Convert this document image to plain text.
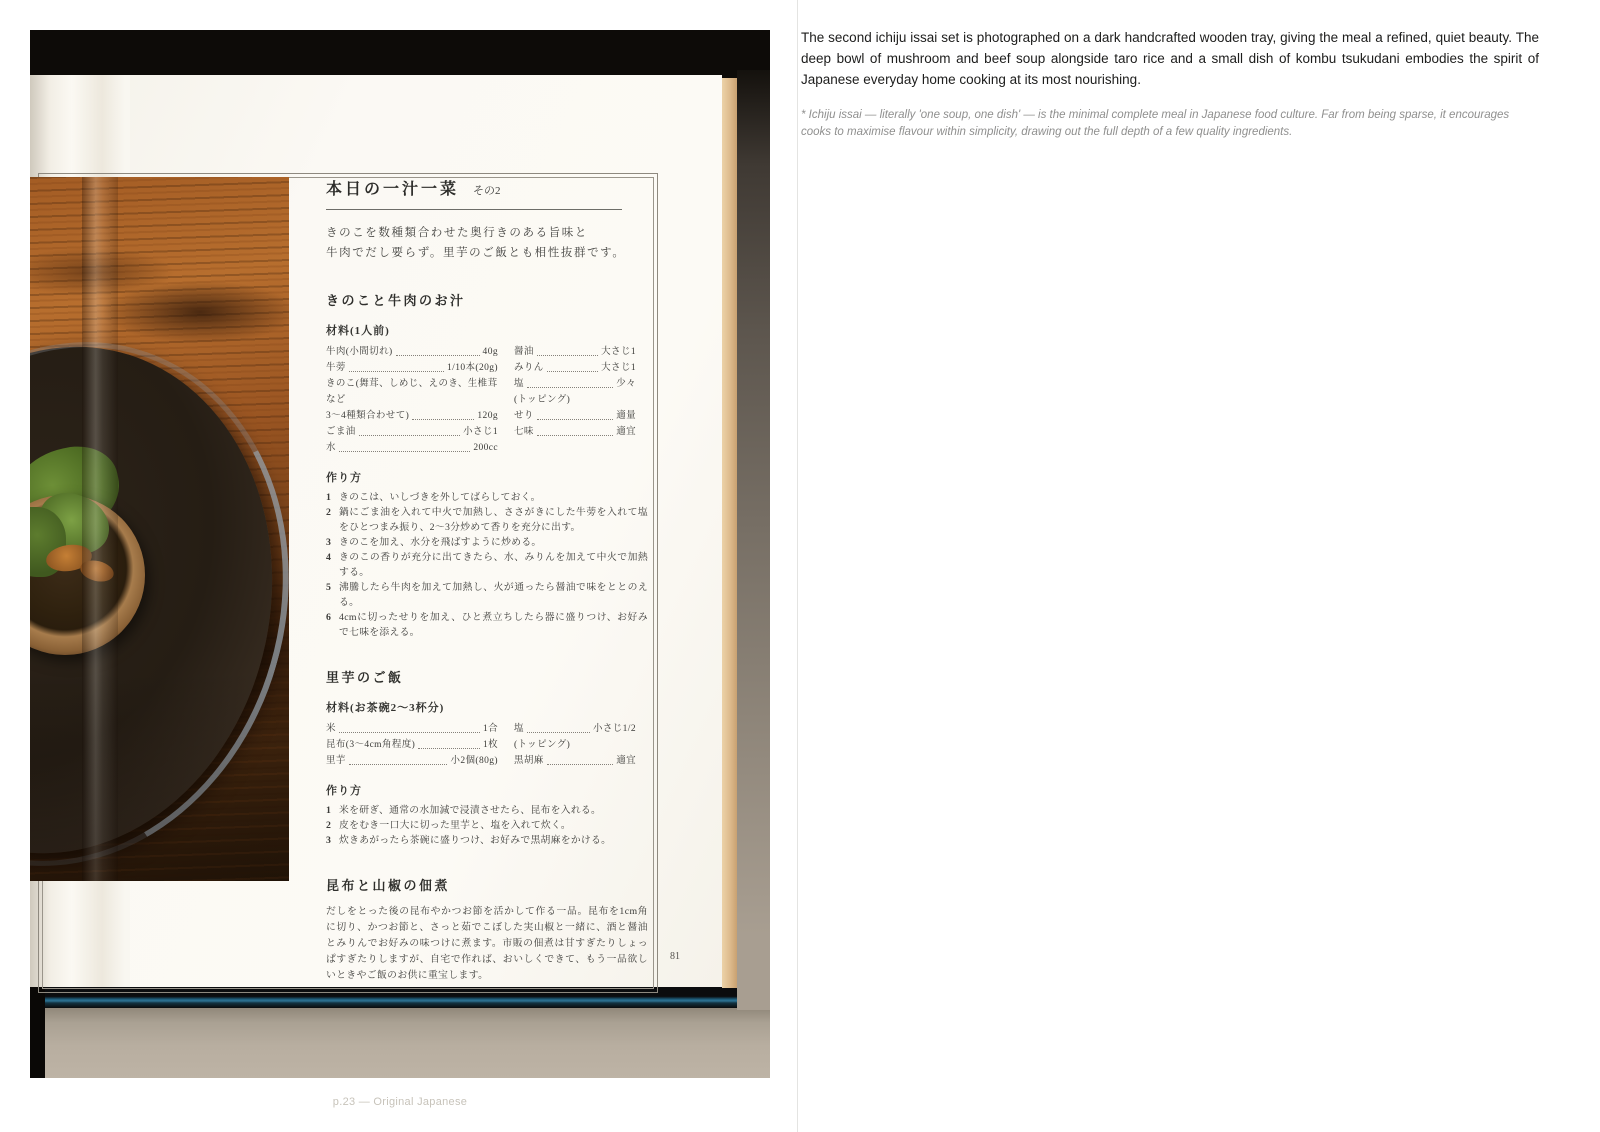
本日の一汁一菜 その2
きのこを数種類合わせた奥行きのある旨味と
牛肉でだし要らず。里芋のご飯とも相性抜群です。
きのこと牛肉のお汁
材料(1人前)
牛肉(小間切れ)	40g
牛蒡	1/10本(20g)
きのこ(舞茸、しめじ、えのき、生椎茸など
3〜4種類合わせて)	120g
ごま油	小さじ1
水	200cc
醤油	大さじ1
みりん	大さじ1
塩	少々
(トッピング)
せり	適量
七味	適宜
作り方
1 きのこは、いしづきを外してばらしておく。
2 鍋にごま油を入れて中火で加熱し、ささがきにした牛蒡を入れて塩をひとつまみ振り、2〜3分炒めて香りを充分に出す。
3 きのこを加え、水分を飛ばすように炒める。
4 きのこの香りが充分に出てきたら、水、みりんを加えて中火で加熱する。
5 沸騰したら牛肉を加えて加熱し、火が通ったら醤油で味をととのえる。
6 4cmに切ったせりを加え、ひと煮立ちしたら器に盛りつけ、お好みで七味を添える。
里芋のご飯
材料(お茶碗2〜3杯分)
米	1合
昆布(3〜4cm角程度)	1枚
里芋	小2個(80g)
塩	小さじ1/2
(トッピング)
黒胡麻	適宜
作り方
1 米を研ぎ、通常の水加減で浸漬させたら、昆布を入れる。
2 皮をむき一口大に切った里芋と、塩を入れて炊く。
3 炊きあがったら茶碗に盛りつけ、お好みで黒胡麻をかける。
昆布と山椒の佃煮
だしをとった後の昆布やかつお節を活かして作る一品。昆布を1cm角に切り、かつお節と、さっと茹でこぼした実山椒と一緒に、酒と醤油とみりんでお好みの味つけに煮ます。市販の佃煮は甘すぎたりしょっぱすぎたりしますが、自宅で作れば、おいしくできて、もう一品欲しいときやご飯のお供に重宝します。
81
The second ichiju issai set is photographed on a dark handcrafted wooden tray, giving the meal a refined, quiet beauty. The deep bowl of mushroom and beef soup alongside taro rice and a small dish of kombu tsukudani embodies the spirit of Japanese everyday home cooking at its most nourishing.
* Ichiju issai — literally 'one soup, one dish' — is the minimal complete meal in Japanese food culture. Far from being sparse, it encourages cooks to maximise flavour within simplicity, drawing out the full depth of a few quality ingredients.
p.23 — Original Japanese
